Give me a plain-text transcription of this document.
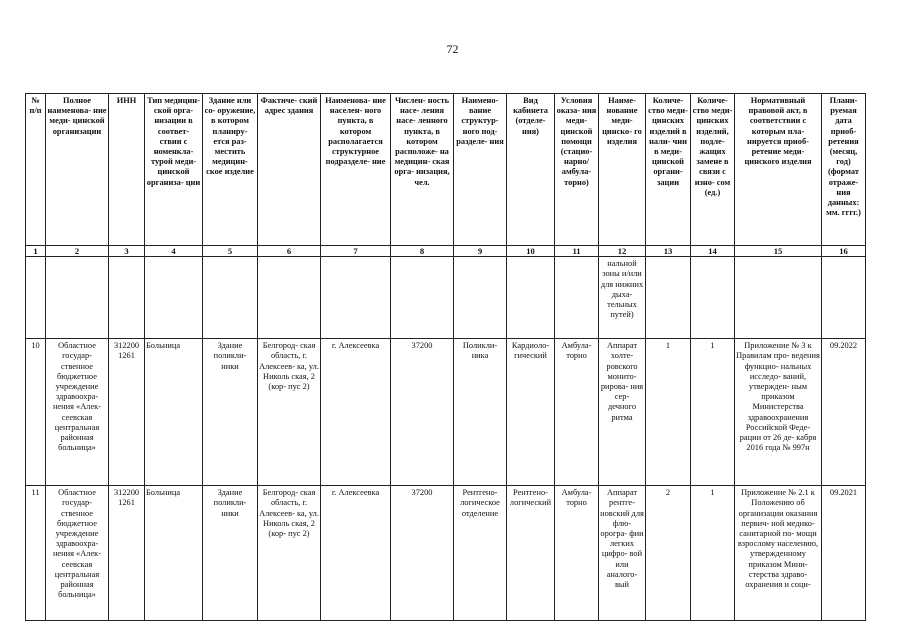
72
№ п/п	Полное наименова- ние меди- цинской организации	ИНН	Тип медицин- ской орга- низации в соответ- ствии с номенкла- турой меди- цинской организа- ции	Здание или со- оружение, в котором планиру- ется раз- местить медицин- ское изделие	Фактиче- ский адрес здания	Наименова- ние населен- ного пункта, в котором располагается структурное подразделе- ние	Числен- ность насе- ления насе- ленного пункта, в котором расположе- на медицин- ская орга- низация, чел.	Наимено- вание структур- ного под- разделе- ния	Вид кабинета (отделе- ния)	Условия оказа- ния меди- цинской помощи (стацио- нарно/ амбула- торно)	Наиме- нование меди- цинско- го изделия	Количе- ство меди- цинских изделий в нали- чии в меди- цинской органи- зации	Количе- ство меди- цинских изделий, подле- жащих замене в связи с изно- сом (ед.)	Нормативный правовой акт, в соответствии с которым пла- нируется приоб- ретение меди- цинского изделия	Плани- руемая дата приоб- ретения (месяц, год) (формат отраже- ния данных: мм. гггг.)
1	2	3	4	5	6	7	8	9	10	11	12	13	14	15	16
											нальной зоны и/или для нижних дыха- тельных путей)				
10	Областное государ- ственное бюджетное учреждение здравоохра- нения «Алек- сеевская центральная районная больница»	312200 1261	Больница	Здание поликли- ники	Белгород- ская область, г. Алексеев- ка, ул. Николь ская, 2 (кор- пус 2)	г. Алексеевка	37200	Поликли- ника	Кардиоло- гический	Амбула- торно	Аппарат холте- ровского монито- рирова- ния сер- дечного ритма	1	1	Приложение № 3 к Правилам про- ведения функцио- нальных исследо- ваний, утвержден- ным приказом Министерства здравоохранения Российской Феде- рации от 26 де- кабря 2016 года № 997н	09.2022
11	Областное государ- ственное бюджетное учреждение здравоохра- нения «Алек- сеевская центральная районная больница»	312200 1261	Больница	Здание поликли- ники	Белгород- ская область, г. Алексеев- ка, ул. Николь ская, 2 (кор- пус 2)	г. Алексеевка	37200	Рентгено- логическое отделение	Рентгено- логический	Амбула- торно	Аппарат рентге- новский для флю- орогра- фии легких цифро- вой или аналого- вый	2	1	Приложение № 2.1 к Положению об организации оказания первич- ной медико- санитарной по- мощи взрослому населению, утвержденному приказом Мини- стерства здраво- охранения и соци-	09.2021
